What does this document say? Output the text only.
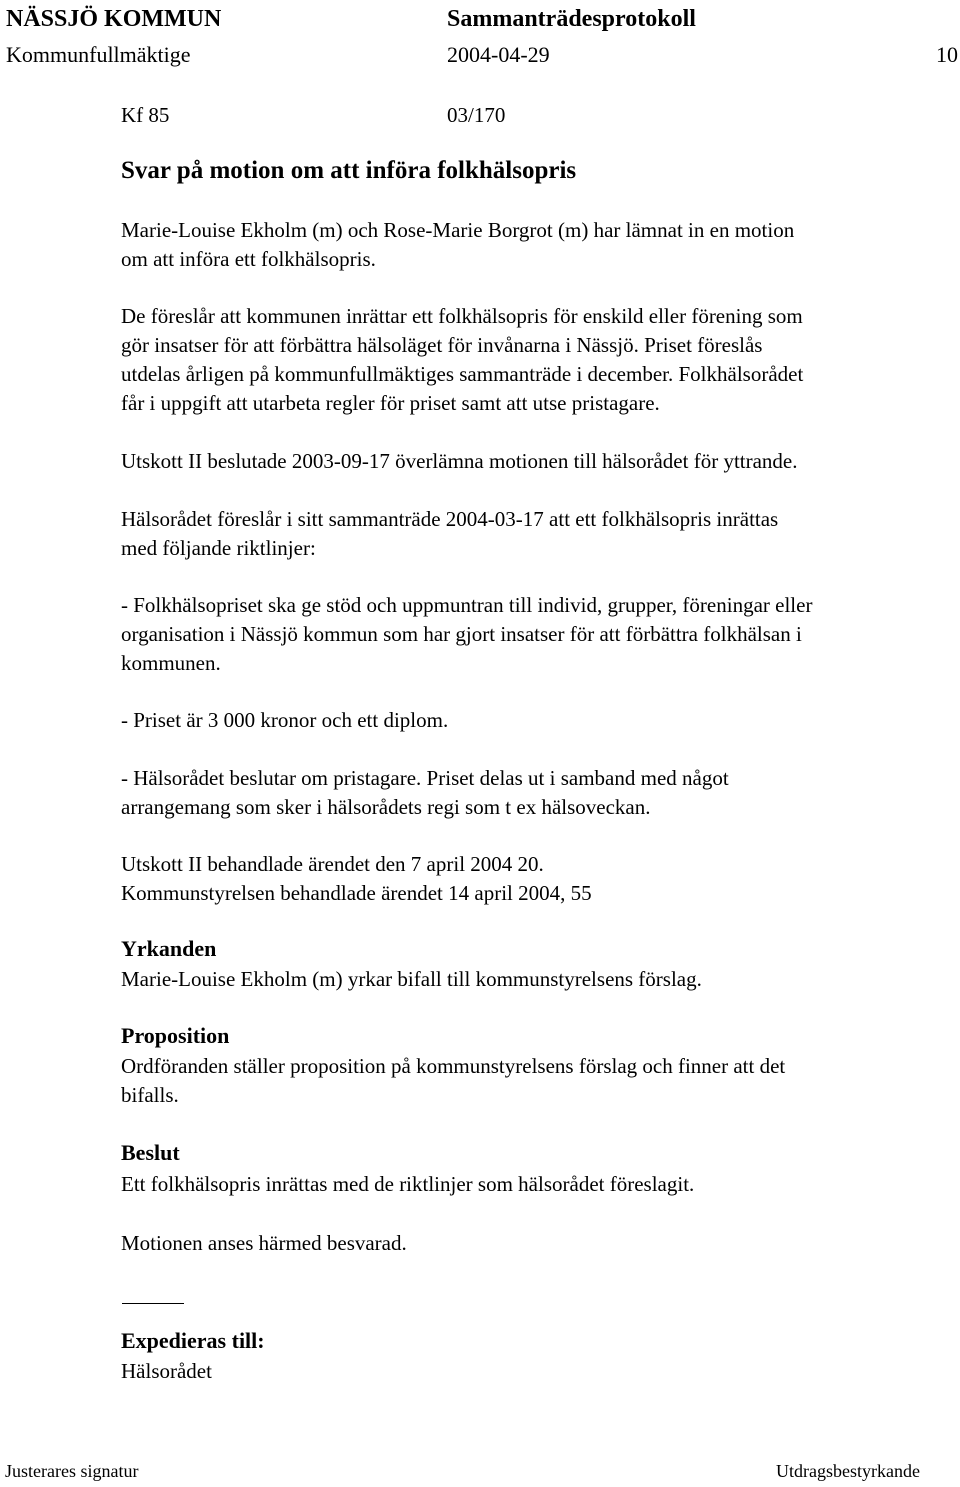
NÄSSJÖ KOMMUN	Sammanträdesprotokoll
Kommunfullmäktige	2004-04-29	10
Kf 85	03/170
Svar på motion om att införa folkhälsopris
Marie-Louise Ekholm (m) och Rose-Marie Borgrot (m) har lämnat in en motion
om att införa ett folkhälsopris.
De föreslår att kommunen inrättar ett folkhälsopris för enskild eller förening som
gör insatser för att förbättra hälsoläget för invånarna i Nässjö. Priset föreslås
utdelas årligen på kommunfullmäktiges sammanträde i december. Folkhälsorådet
får i uppgift att utarbeta regler för priset samt att utse pristagare.
Utskott II beslutade 2003-09-17 överlämna motionen till hälsorådet för yttrande.
Hälsorådet föreslår i sitt sammanträde 2004-03-17 att ett folkhälsopris inrättas
med följande riktlinjer:
- Folkhälsopriset ska ge stöd och uppmuntran till individ, grupper, föreningar eller
organisation i Nässjö kommun som har gjort insatser för att förbättra folkhälsan i
kommunen.
- Priset är 3 000 kronor och ett diplom.
- Hälsorådet beslutar om pristagare. Priset delas ut i samband med något
arrangemang som sker i hälsorådets regi som t ex hälsoveckan.
Utskott II behandlade ärendet den 7 april 2004 20.
Kommunstyrelsen behandlade ärendet 14 april 2004, 55
Yrkanden
Marie-Louise Ekholm (m) yrkar bifall till kommunstyrelsens förslag.
Proposition
Ordföranden ställer proposition på kommunstyrelsens förslag och finner att det
bifalls.
Beslut
Ett folkhälsopris inrättas med de riktlinjer som hälsorådet föreslagit.
Motionen anses härmed besvarad.
Expedieras till:
Hälsorådet
Justerares signatur	Utdragsbestyrkande
